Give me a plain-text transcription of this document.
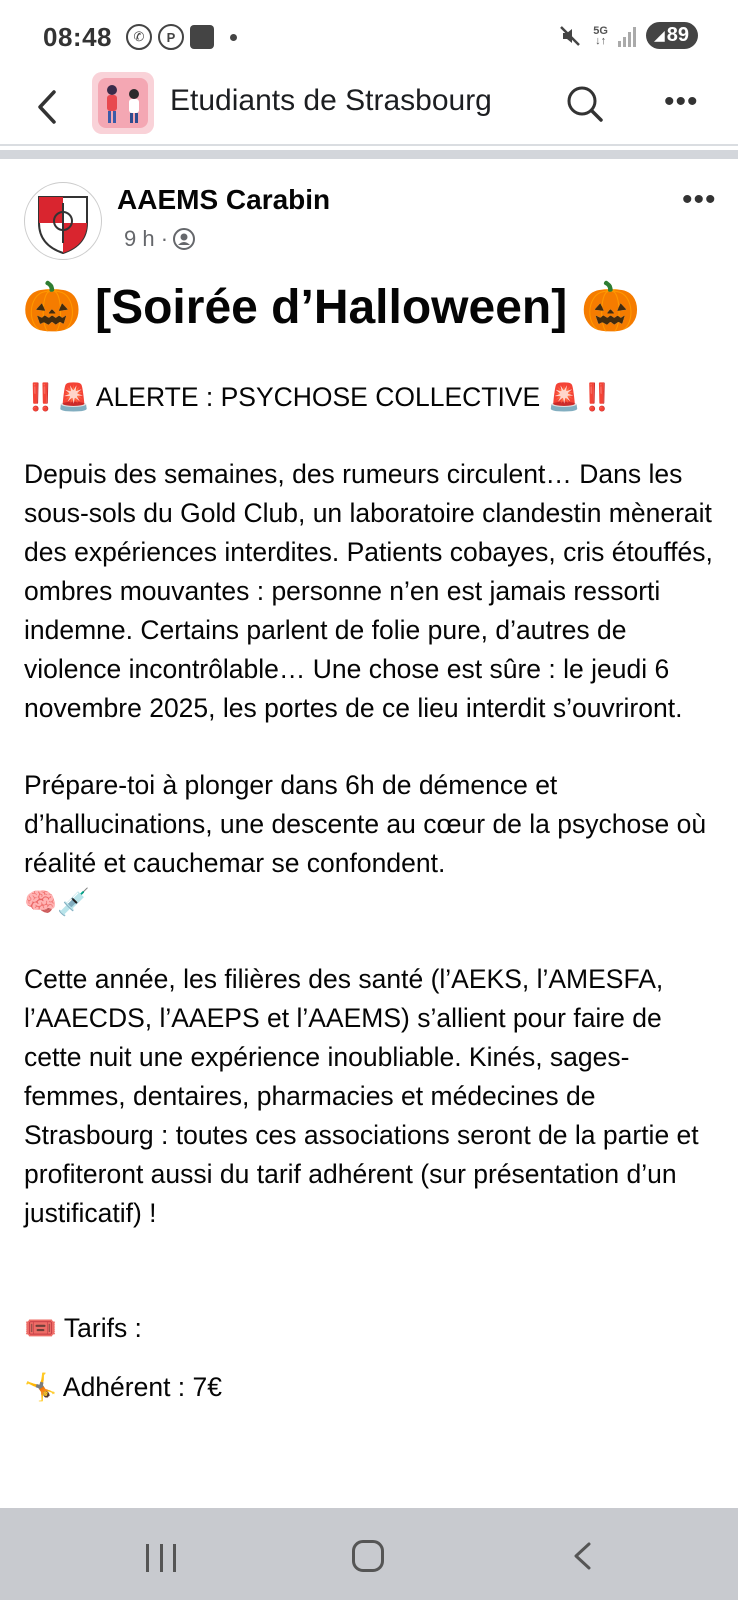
08:48	✆	P	5G
↓↑	◢ 89
Etudiants de Strasbourg	•••
AAEMS Carabin
9 h ·
•••
🎃 [Soirée d’Halloween] 🎃

‼️🚨 ALERTE : PSYCHOSE COLLECTIVE 🚨‼️

Depuis des semaines, des rumeurs circulent… Dans les sous-sols du Gold Club, un laboratoire clandestin mènerait des expériences interdites. Patients cobayes, cris étouffés, ombres mouvantes : personne n’en est jamais ressorti indemne. Certains parlent de folie pure, d’autres de violence incontrôlable… Une chose est sûre : le jeudi 6 novembre 2025, les portes de ce lieu interdit s’ouvriront.

Prépare-toi à plonger dans 6h de démence et d’hallucinations, une descente au cœur de la psychose où réalité et cauchemar se confondent.
🧠💉

Cette année, les filières des santé (l’AEKS, l’AMESFA, l’AAECDS, l’AAEPS et l’AAEMS) s’allient pour faire de cette nuit une expérience inoubliable. Kinés, sages-femmes, dentaires, pharmacies et médecines de Strasbourg : toutes ces associations seront de la partie et profiteront aussi du tarif adhérent (sur présentation d’un justificatif) !

🎟️ Tarifs :

🤸 Adhérent : 7€
